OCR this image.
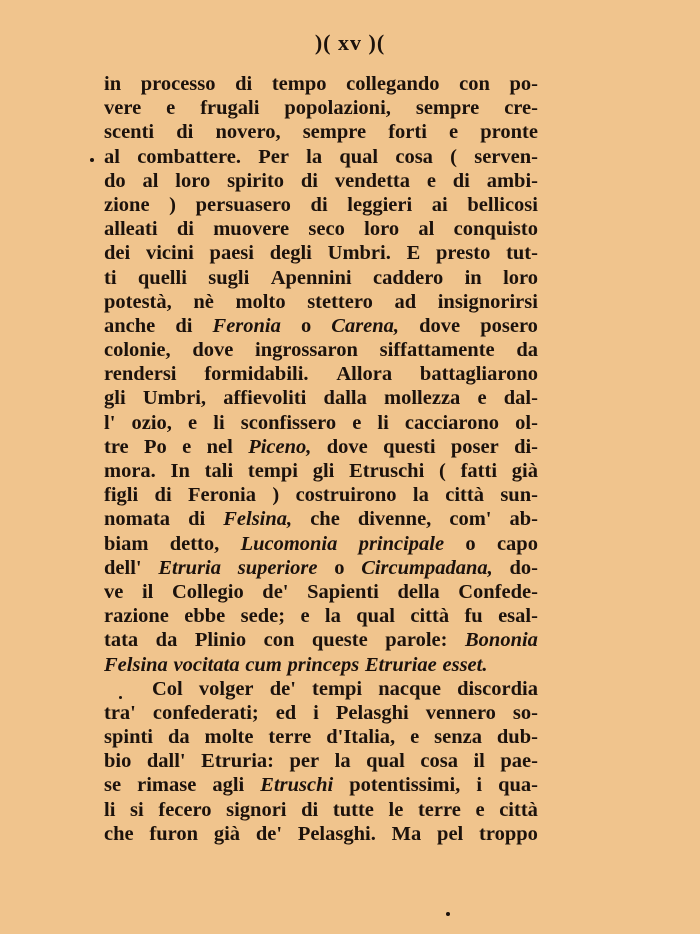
)( xv )(
in processo di tempo collegando con po-
vere e frugali popolazioni, sempre cre-
scenti di novero, sempre forti e pronte
al combattere. Per la qual cosa ( serven-
do al loro spirito di vendetta e di ambi-
zione ) persuasero di leggieri ai bellicosi
alleati di muovere seco loro al conquisto
dei vicini paesi degli Umbri. E presto tut-
ti quelli sugli Apennini caddero in loro
potestà, nè molto stettero ad insignorirsi
anche di Feronia o Carena, dove posero
colonie, dove ingrossaron siffattamente da
rendersi formidabili. Allora battagliarono
gli Umbri, affievoliti dalla mollezza e dal-
l' ozio, e li sconfissero e li cacciarono ol-
tre Po e nel Piceno, dove questi poser di-
mora. In tali tempi gli Etruschi ( fatti già
figli di Feronia ) costruirono la città sun-
nomata di Felsina, che divenne, com' ab-
biam detto, Lucomonia principale o capo
dell' Etruria superiore o Circumpadana, do-
ve il Collegio de' Sapienti della Confede-
razione ebbe sede; e la qual città fu esal-
tata da Plinio con queste parole: Bononia
Felsina vocitata cum princeps Etruriae esset.
Col volger de' tempi nacque discordia
tra' confederati; ed i Pelasghi vennero so-
spinti da molte terre d'Italia, e senza dub-
bio dall' Etruria: per la qual cosa il pae-
se rimase agli Etruschi potentissimi, i qua-
li si fecero signori di tutte le terre e città
che furon già de' Pelasghi. Ma pel troppo
